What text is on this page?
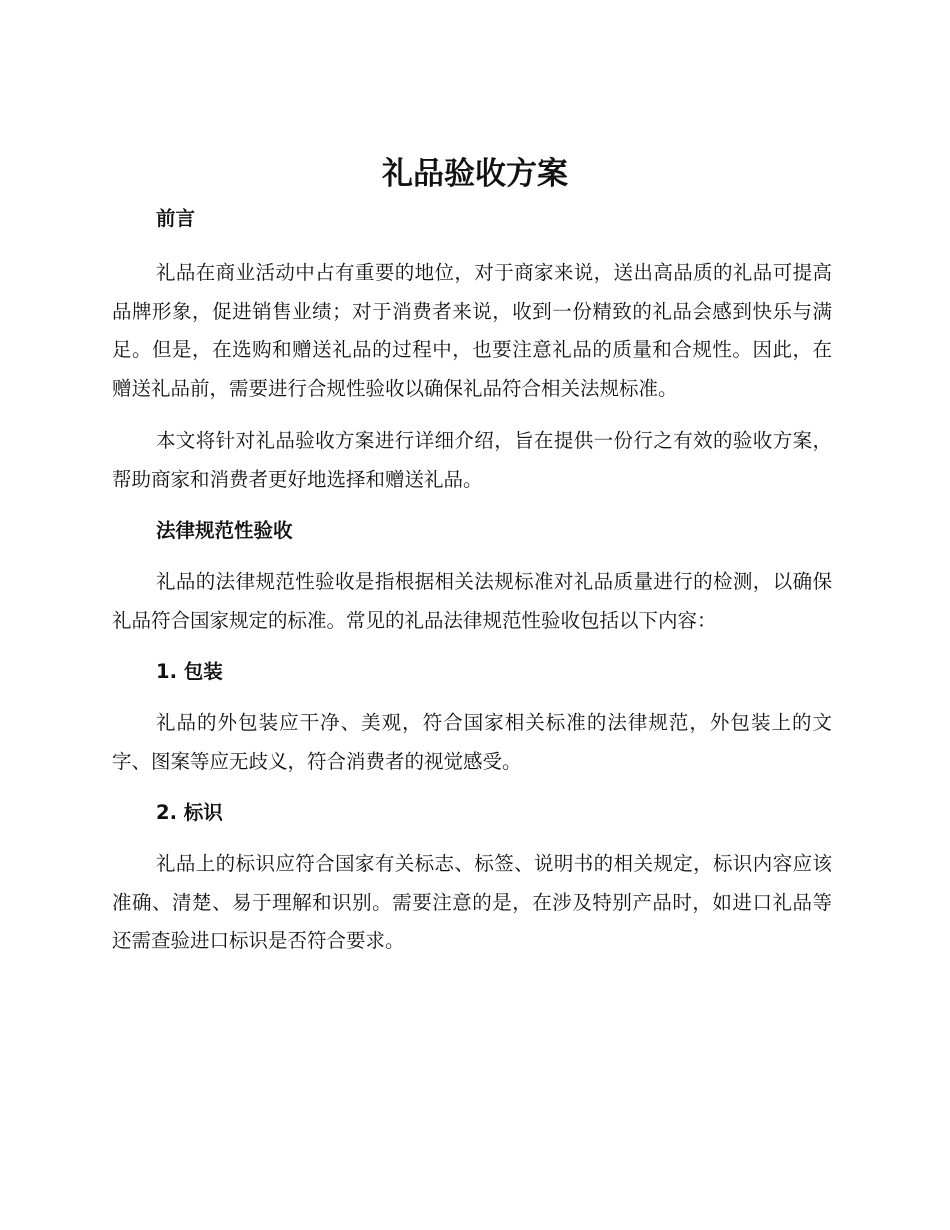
礼品验收方案
前言

礼品在商业活动中占有重要的地位，对于商家来说，送出高品质的礼品可提高品牌形象，促进销售业绩；对于消费者来说，收到一份精致的礼品会感到快乐与满足。但是，在选购和赠送礼品的过程中，也要注意礼品的质量和合规性。因此，在赠送礼品前，需要进行合规性验收以确保礼品符合相关法规标准。

本文将针对礼品验收方案进行详细介绍，旨在提供一份行之有效的验收方案，帮助商家和消费者更好地选择和赠送礼品。

法律规范性验收

礼品的法律规范性验收是指根据相关法规标准对礼品质量进行的检测，以确保礼品符合国家规定的标准。常见的礼品法律规范性验收包括以下内容：

1. 包装

礼品的外包装应干净、美观，符合国家相关标准的法律规范，外包装上的文字、图案等应无歧义，符合消费者的视觉感受。

2. 标识

礼品上的标识应符合国家有关标志、标签、说明书的相关规定，标识内容应该准确、清楚、易于理解和识别。需要注意的是，在涉及特别产品时，如进口礼品等还需查验进口标识是否符合要求。
